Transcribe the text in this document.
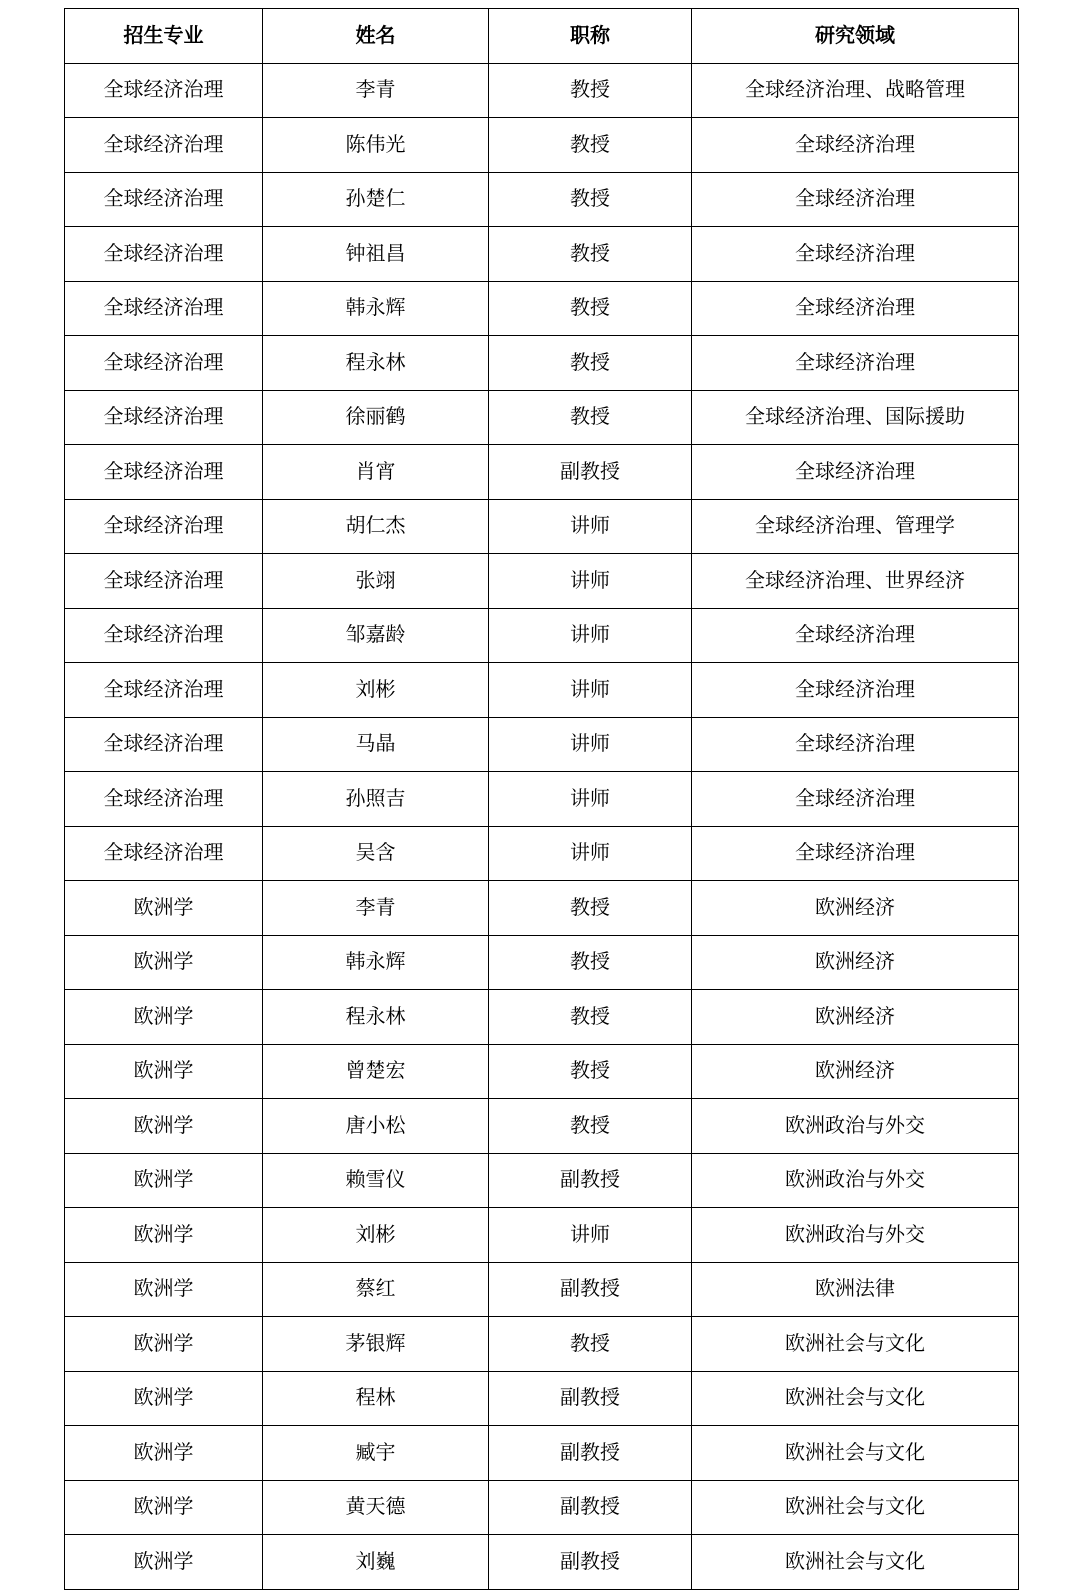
招生专业	姓名	职称	研究领域
全球经济治理	李青	教授	全球经济治理、战略管理
全球经济治理	陈伟光	教授	全球经济治理
全球经济治理	孙楚仁	教授	全球经济治理
全球经济治理	钟祖昌	教授	全球经济治理
全球经济治理	韩永辉	教授	全球经济治理
全球经济治理	程永林	教授	全球经济治理
全球经济治理	徐丽鹤	教授	全球经济治理、国际援助
全球经济治理	肖宵	副教授	全球经济治理
全球经济治理	胡仁杰	讲师	全球经济治理、管理学
全球经济治理	张翊	讲师	全球经济治理、世界经济
全球经济治理	邹嘉龄	讲师	全球经济治理
全球经济治理	刘彬	讲师	全球经济治理
全球经济治理	马晶	讲师	全球经济治理
全球经济治理	孙照吉	讲师	全球经济治理
全球经济治理	吴含	讲师	全球经济治理
欧洲学	李青	教授	欧洲经济
欧洲学	韩永辉	教授	欧洲经济
欧洲学	程永林	教授	欧洲经济
欧洲学	曾楚宏	教授	欧洲经济
欧洲学	唐小松	教授	欧洲政治与外交
欧洲学	赖雪仪	副教授	欧洲政治与外交
欧洲学	刘彬	讲师	欧洲政治与外交
欧洲学	蔡红	副教授	欧洲法律
欧洲学	茅银辉	教授	欧洲社会与文化
欧洲学	程林	副教授	欧洲社会与文化
欧洲学	臧宇	副教授	欧洲社会与文化
欧洲学	黄天德	副教授	欧洲社会与文化
欧洲学	刘巍	副教授	欧洲社会与文化
